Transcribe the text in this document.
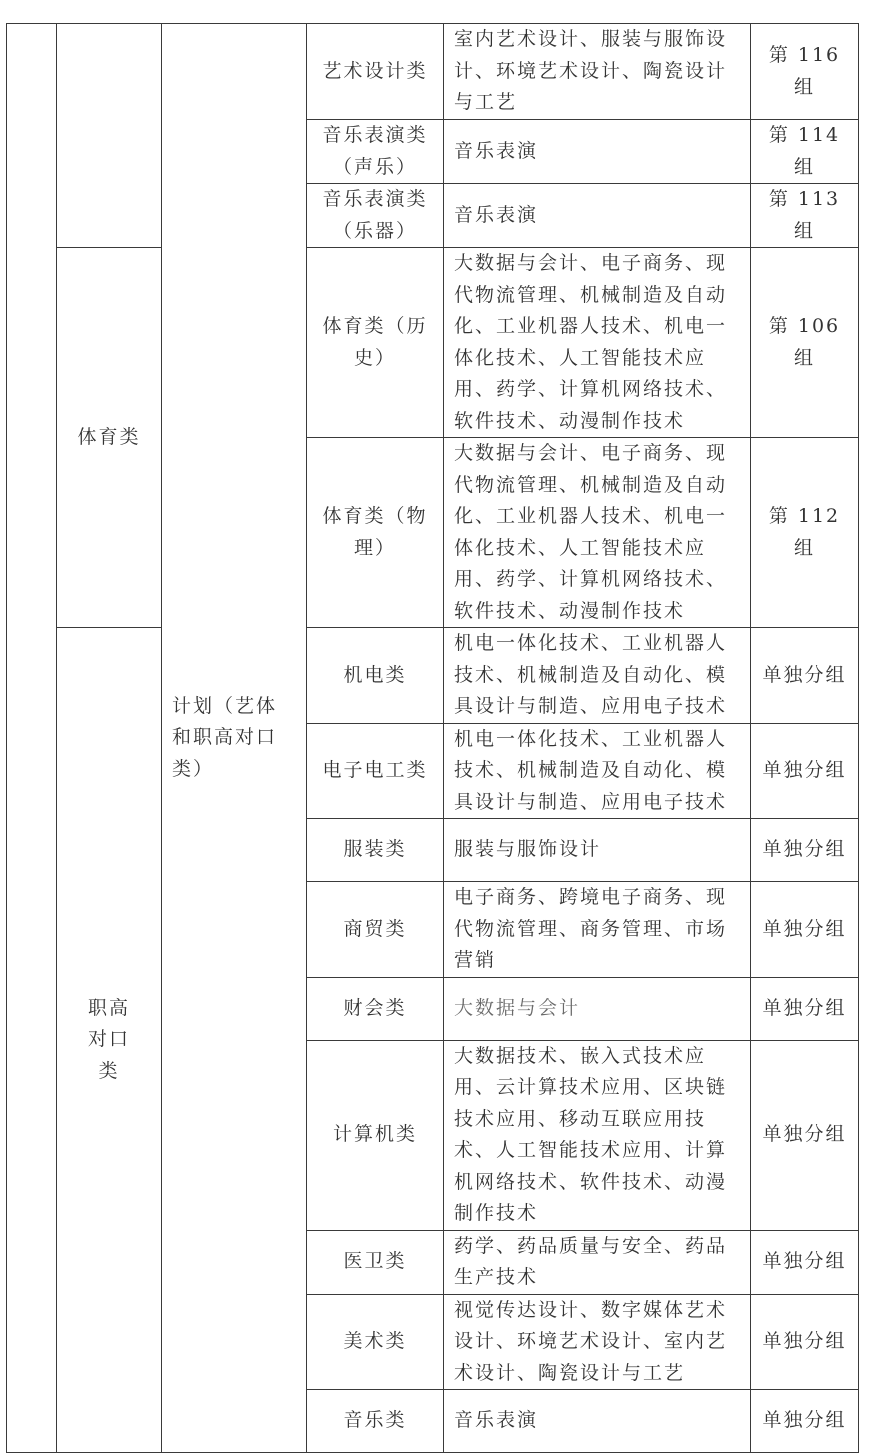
		计划（艺体和职高对口类）	艺术设计类	室内艺术设计、服装与服饰设计、环境艺术设计、陶瓷设计与工艺	第 116 组
			音乐表演类（声乐）	音乐表演	第 114 组
			音乐表演类（乐器）	音乐表演	第 113 组
	体育类		体育类（历史）	大数据与会计、电子商务、现代物流管理、机械制造及自动化、工业机器人技术、机电一体化技术、人工智能技术应用、药学、计算机网络技术、软件技术、动漫制作技术	第 106 组
			体育类（物理）	大数据与会计、电子商务、现代物流管理、机械制造及自动化、工业机器人技术、机电一体化技术、人工智能技术应用、药学、计算机网络技术、软件技术、动漫制作技术	第 112 组
	职高对口类		机电类	机电一体化技术、工业机器人技术、机械制造及自动化、模具设计与制造、应用电子技术	单独分组
			电子电工类	机电一体化技术、工业机器人技术、机械制造及自动化、模具设计与制造、应用电子技术	单独分组
			服装类	服装与服饰设计	单独分组
			商贸类	电子商务、跨境电子商务、现代物流管理、商务管理、市场营销	单独分组
			财会类	大数据与会计	单独分组
			计算机类	大数据技术、嵌入式技术应用、云计算技术应用、区块链技术应用、移动互联应用技术、人工智能技术应用、计算机网络技术、软件技术、动漫制作技术	单独分组
			医卫类	药学、药品质量与安全、药品生产技术	单独分组
			美术类	视觉传达设计、数字媒体艺术设计、环境艺术设计、室内艺术设计、陶瓷设计与工艺	单独分组
			音乐类	音乐表演	单独分组
